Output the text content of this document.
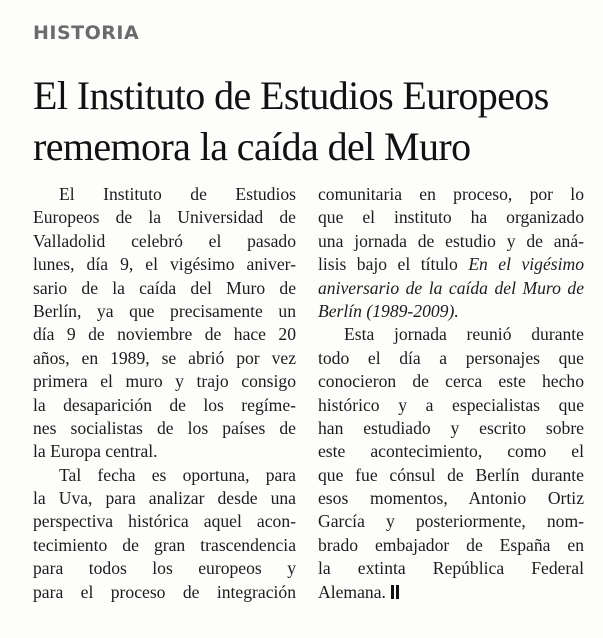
HISTORIA
El Instituto de Estudios Europeos
rememora la caída del Muro
El Instituto de Estudios
Europeos de la Universidad de
Valladolid celebró el pasado
lunes, día 9, el vigésimo aniver-
sario de la caída del Muro de
Berlín, ya que precisamente un
día 9 de noviembre de hace 20
años, en 1989, se abrió por vez
primera el muro y trajo consigo
la desaparición de los regíme-
nes socialistas de los países de
la Europa central.
Tal fecha es oportuna, para
la Uva, para analizar desde una
perspectiva histórica aquel acon-
tecimiento de gran trascendencia
para todos los europeos y
para el proceso de integración
comunitaria en proceso, por lo
que el instituto ha organizado
una jornada de estudio y de aná-
lisis bajo el título En el vigésimo
aniversario de la caída del Muro de
Berlín (1989-2009).
Esta jornada reunió durante
todo el día a personajes que
conocieron de cerca este hecho
histórico y a especialistas que
han estudiado y escrito sobre
este acontecimiento, como el
que fue cónsul de Berlín durante
esos momentos, Antonio Ortiz
García y posteriormente, nom-
brado embajador de España en
la extinta República Federal
Alemana.
